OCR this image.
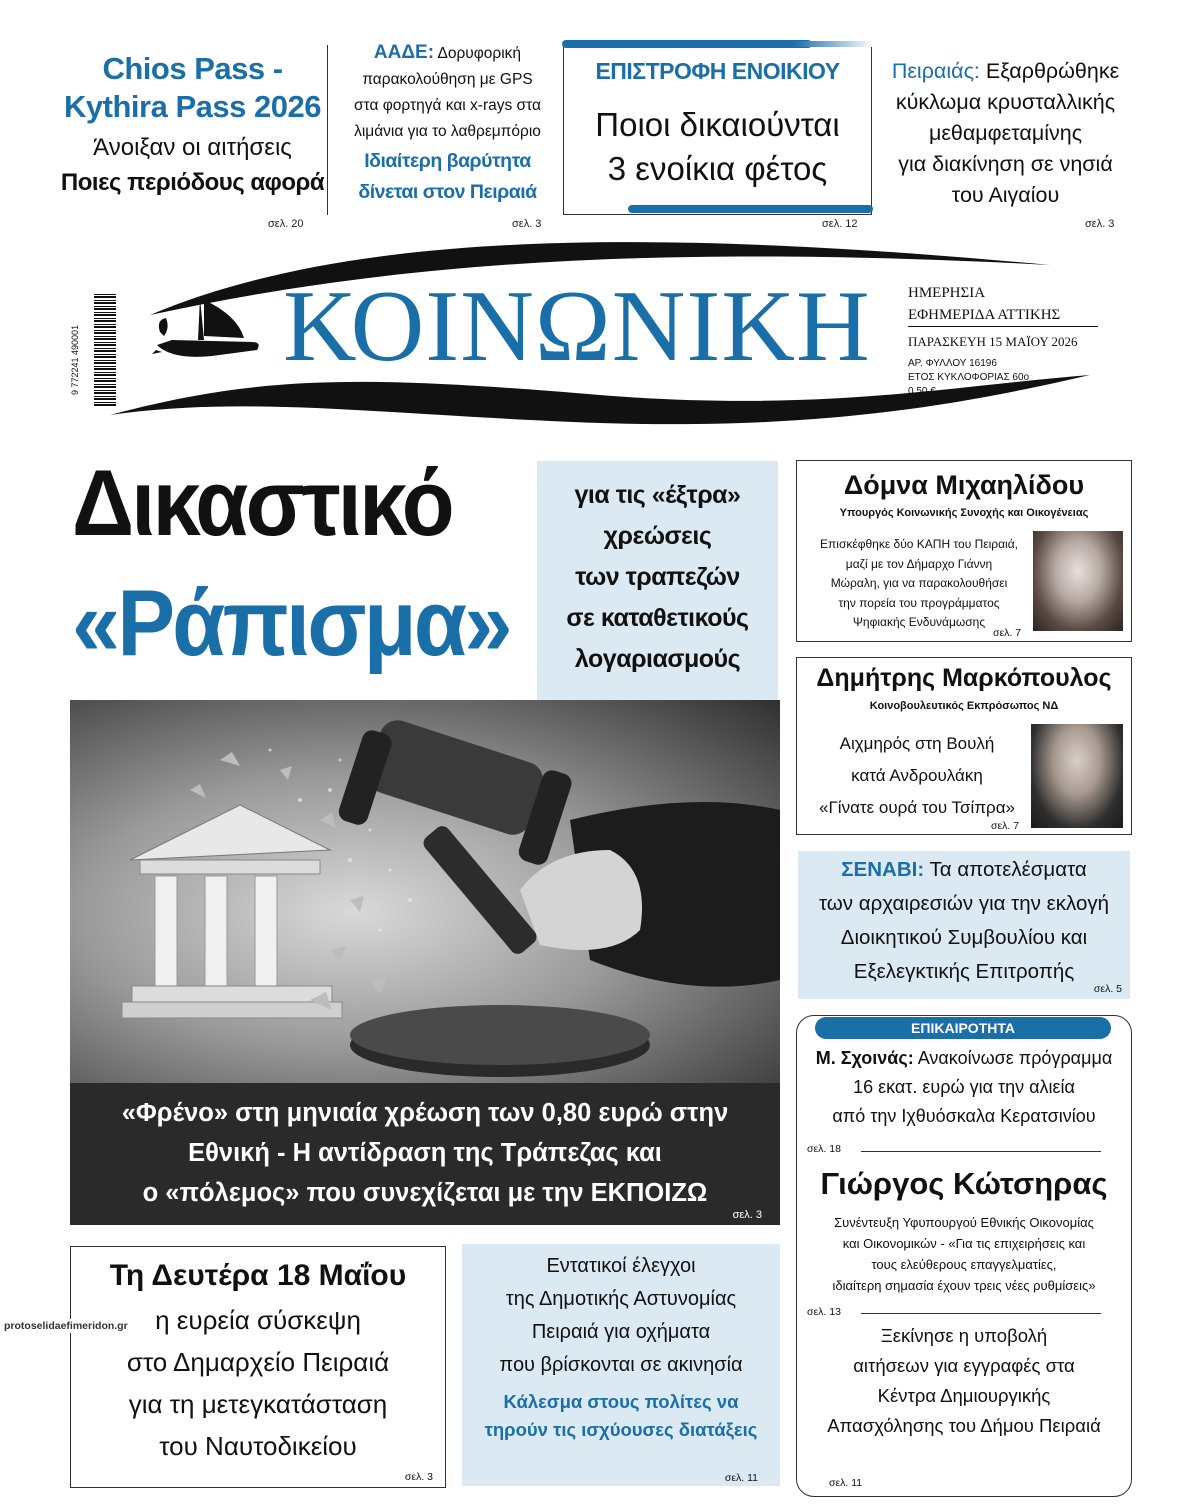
Chios Pass -
Kythira Pass 2026
Άνοιξαν οι αιτήσεις
Ποιες περιόδους αφορά
σελ. 20
ΑΑΔΕ: Δορυφορική
παρακολούθηση με GPS
στα φορτηγά και x-rays στα
λιμάνια για το λαθρεμπόριο
Ιδιαίτερη βαρύτητα
δίνεται στον Πειραιά
σελ. 3
ΕΠΙΣΤΡΟΦΗ ΕΝΟΙΚΙΟΥ
Ποιοι δικαιούνται
3 ενοίκια φέτος
σελ. 12
Πειραιάς: Εξαρθρώθηκε
κύκλωμα κρυσταλλικής
μεθαμφεταμίνης
για διακίνηση σε νησιά
του Αιγαίου
σελ. 3
ΚΟΙΝΩΝΙΚΗ
9 772241 490001
ΗΜΕΡΗΣΙΑ
ΕΦΗΜΕΡΙΔΑ ΑΤΤΙΚΗΣ
ΠΑΡΑΣΚΕΥΗ 15 ΜΑΪΟΥ 2026
ΑΡ. ΦΥΛΛΟΥ 16196
ΕΤΟΣ ΚΥΚΛΟΦΟΡΙΑΣ 60ο
0,50 €
Δικαστικό
«Ράπισμα»
για τις «έξτρα»
χρεώσεις
των τραπεζών
σε καταθετικούς
λογαριασμούς
«Φρένο» στη μηνιαία χρέωση των 0,80 ευρώ στην
Εθνική - Η αντίδραση της Τράπεζας και
ο «πόλεμος» που συνεχίζεται με την ΕΚΠΟΙΖΩ
σελ. 3
Δόμνα Μιχαηλίδου
Υπουργός Κοινωνικής Συνοχής και Οικογένειας
Επισκέφθηκε δύο ΚΑΠΗ του Πειραιά,
μαζί με τον Δήμαρχο Γιάννη
Μώραλη, για να παρακολουθήσει
την πορεία του προγράμματος
Ψηφιακής Ενδυνάμωσης
σελ. 7
Δημήτρης Μαρκόπουλος
Κοινοβουλευτικός Εκπρόσωπος ΝΔ
Αιχμηρός στη Βουλή
κατά Ανδρουλάκη
«Γίνατε ουρά του Τσίπρα»
σελ. 7
ΣΕΝΑΒΙ: Τα αποτελέσματα
των αρχαιρεσιών για την εκλογή
Διοικητικού Συμβουλίου και
Εξελεγκτικής Επιτροπής
σελ. 5
ΕΠΙΚΑΙΡΟΤΗΤΑ
Μ. Σχοινάς: Ανακοίνωσε πρόγραμμα
16 εκατ. ευρώ για την αλιεία
από την Ιχθυόσκαλα Κερατσινίου
σελ. 18
Γιώργος Κώτσηρας
Συνέντευξη Υφυπουργού Εθνικής Οικονομίας
και Οικονομικών - «Για τις επιχειρήσεις και
τους ελεύθερους επαγγελματίες,
ιδιαίτερη σημασία έχουν τρεις νέες ρυθμίσεις»
σελ. 13
Ξεκίνησε η υποβολή
αιτήσεων για εγγραφές στα
Κέντρα Δημιουργικής
Απασχόλησης του Δήμου Πειραιά
σελ. 11
Τη Δευτέρα 18 Μαΐου
η ευρεία σύσκεψη
στο Δημαρχείο Πειραιά
για τη μετεγκατάσταση
του Ναυτοδικείου
σελ. 3
Εντατικοί έλεγχοι
της Δημοτικής Αστυνομίας
Πειραιά για οχήματα
που βρίσκονται σε ακινησία
Κάλεσμα στους πολίτες να
τηρούν τις ισχύουσες διατάξεις
σελ. 11
protoselidaefimeridon.gr
